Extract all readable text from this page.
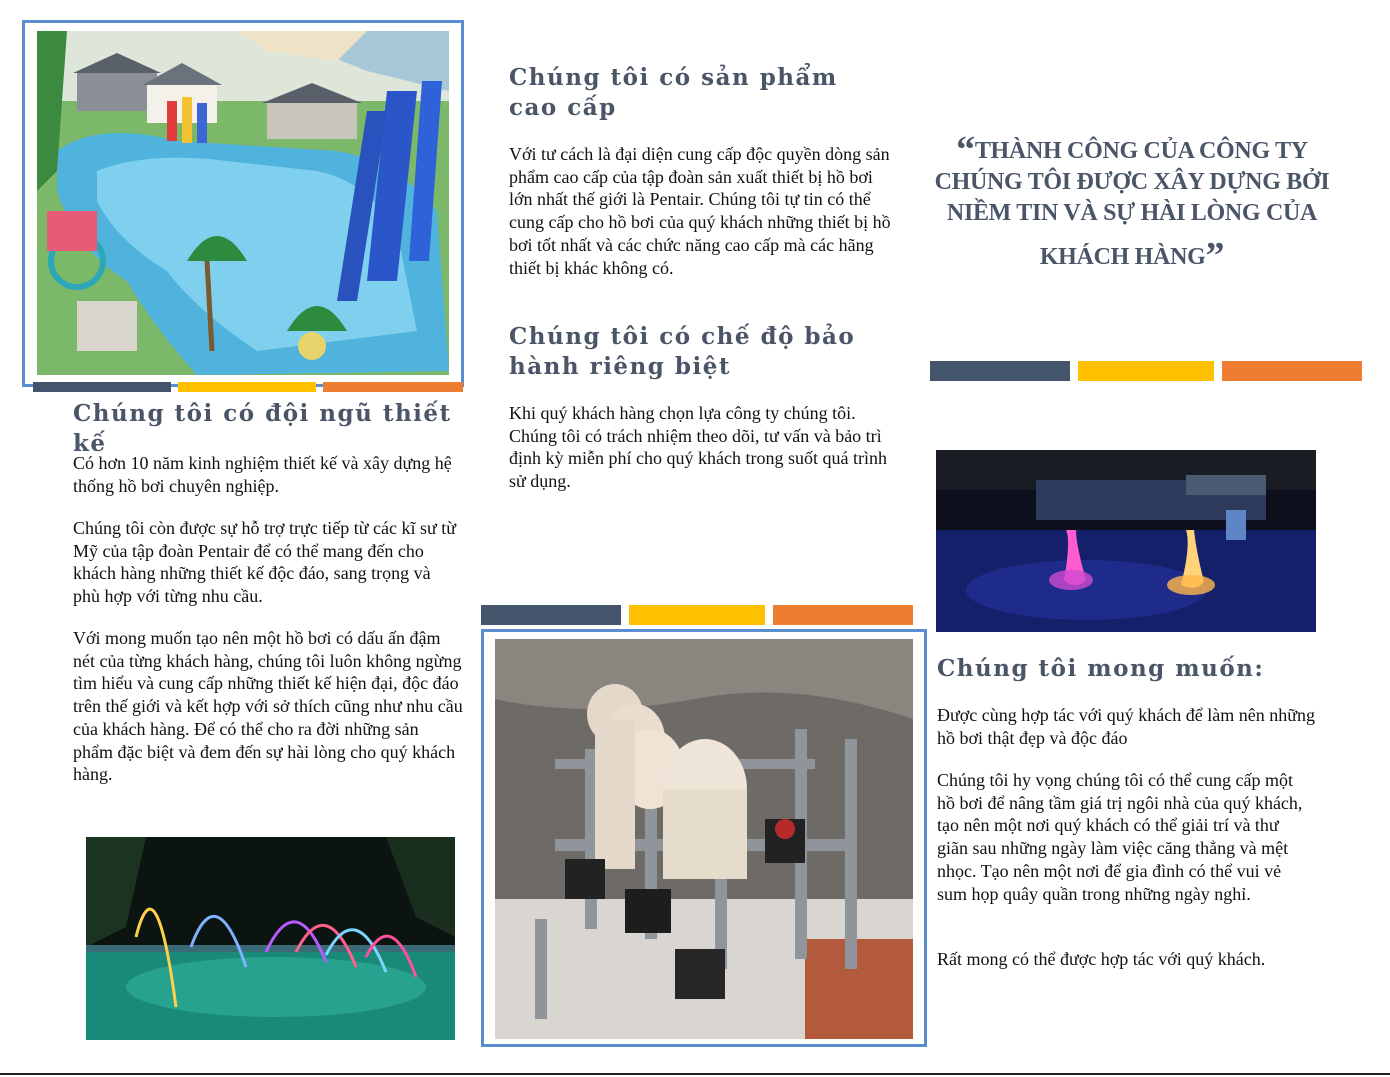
Chúng tôi có đội ngũ thiết kế

Có hơn 10 năm kinh nghiệm thiết kế và xây dựng hệ thống hồ bơi chuyên nghiệp.

Chúng tôi còn được sự hỗ trợ trực tiếp từ các kĩ sư từ Mỹ của tập đoàn Pentair để có thể mang đến cho khách hàng những thiết kế độc đáo, sang trọng và phù hợp với từng nhu cầu.

Với mong muốn tạo nên một hồ bơi có dấu ấn đậm nét của từng khách hàng, chúng tôi luôn không ngừng tìm hiểu và cung cấp những thiết kế hiện đại, độc đáo trên thế giới và kết hợp với sở thích cũng như nhu cầu của khách hàng. Để có thể cho ra đời những sản phẩm đặc biệt và đem đến sự hài lòng cho quý khách hàng.

Chúng tôi có sản phẩm cao cấp

Với tư cách là đại diện cung cấp độc quyền dòng sản phẩm cao cấp của tập đoàn sản xuất thiết bị hồ bơi lớn nhất thế giới là Pentair. Chúng tôi tự tin có thể cung cấp cho hồ bơi của quý khách những thiết bị hồ bơi tốt nhất và các chức năng cao cấp mà các hãng thiết bị khác không có.

Chúng tôi có chế độ bảo hành riêng biệt

Khi quý khách hàng chọn lựa công ty chúng tôi. Chúng tôi có trách nhiệm theo dõi, tư vấn và bảo trì định kỳ miễn phí cho quý khách trong suốt quá trình sử dụng.

“THÀNH CÔNG CỦA CÔNG TY
CHÚNG TÔI ĐƯỢC XÂY DỰNG BỞI
NIỀM TIN VÀ SỰ HÀI LÒNG CỦA
KHÁCH HÀNG”
Chúng tôi mong muốn:

Được cùng hợp tác với quý khách để làm nên những hồ bơi thật đẹp và độc đáo

Chúng tôi hy vọng chúng tôi có thể cung cấp một hồ bơi để nâng tầm giá trị ngôi nhà của quý khách, tạo nên một nơi quý khách có thể giải trí và thư giãn sau những ngày làm việc căng thẳng và mệt nhọc. Tạo nên một nơi để gia đình có thể vui vẻ sum họp quây quần trong những ngày nghỉ.

Rất mong có thể được hợp tác với quý khách.
